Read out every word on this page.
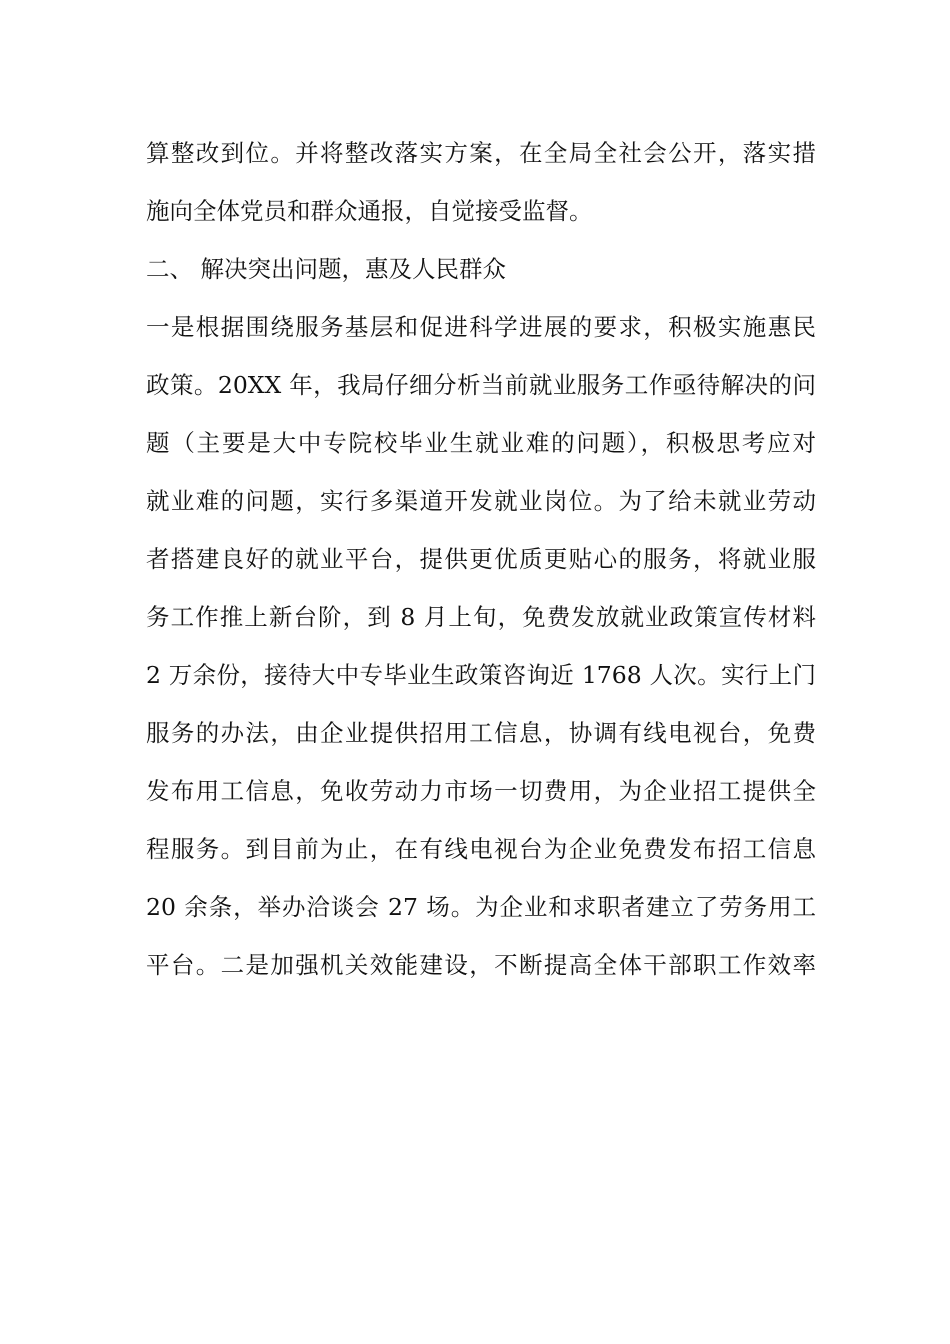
算整改到位。并将整改落实方案，在全局全社会公开，落实措
施向全体党员和群众通报，自觉接受监督。
二、 解决突出问题，惠及人民群众
一是根据围绕服务基层和促进科学进展的要求，积极实施惠民
政策。20XX 年，我局仔细分析当前就业服务工作亟待解决的问
题（主要是大中专院校毕业生就业难的问题），积极思考应对
就业难的问题，实行多渠道开发就业岗位。为了给未就业劳动
者搭建良好的就业平台，提供更优质更贴心的服务，将就业服
务工作推上新台阶，到 8 月上旬，免费发放就业政策宣传材料
2 万余份，接待大中专毕业生政策咨询近 1768 人次。实行上门
服务的办法，由企业提供招用工信息，协调有线电视台，免费
发布用工信息，免收劳动力市场一切费用，为企业招工提供全
程服务。到目前为止，在有线电视台为企业免费发布招工信息
20 余条，举办洽谈会 27 场。为企业和求职者建立了劳务用工
平台。二是加强机关效能建设，不断提高全体干部职工作效率
